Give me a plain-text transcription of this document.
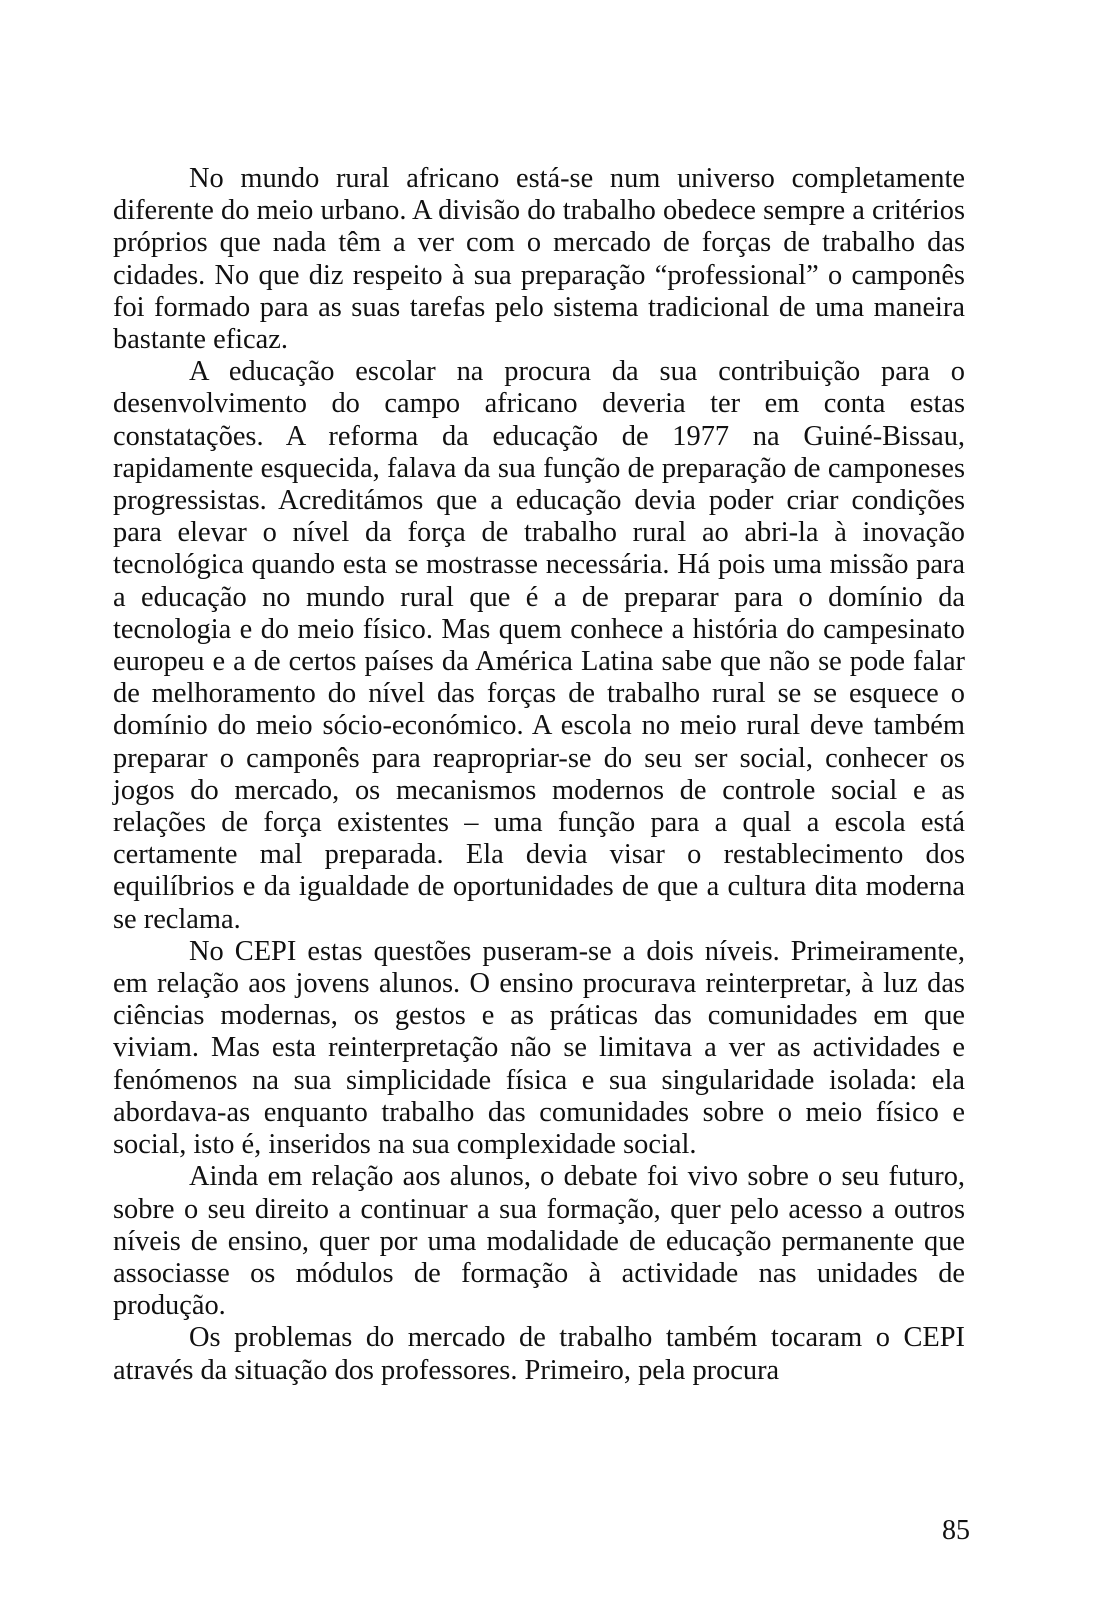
No mundo rural africano está-se num universo completamente diferente do meio urbano. A divisão do trabalho obedece sempre a critérios próprios que nada têm a ver com o mercado de forças de trabalho das cidades. No que diz respeito à sua preparação “professional” o camponês foi formado para as suas tarefas pelo sistema tradicional de uma maneira bastante eficaz.

A educação escolar na procura da sua contribuição para o desenvolvimento do campo africano deveria ter em conta estas constatações. A reforma da educação de 1977 na Guiné-Bissau, rapidamente esquecida, falava da sua função de preparação de camponeses progressistas. Acreditámos que a educação devia poder criar condições para elevar o nível da força de trabalho rural ao abri-la à inovação tecnológica quando esta se mostrasse necessária. Há pois uma missão para a educação no mundo rural que é a de preparar para o domínio da tecnologia e do meio físico. Mas quem conhece a história do campesinato europeu e a de certos países da América Latina sabe que não se pode falar de melhoramento do nível das forças de trabalho rural se se esquece o domínio do meio sócio-económico. A escola no meio rural deve também preparar o camponês para reapropriar-se do seu ser social, conhecer os jogos do mercado, os mecanismos modernos de controle social e as relações de força existentes – uma função para a qual a escola está certamente mal preparada. Ela devia visar o restablecimento dos equilíbrios e da igualdade de oportunidades de que a cultura dita moderna se reclama.

No CEPI estas questões puseram-se a dois níveis. Primeiramente, em relação aos jovens alunos. O ensino procurava reinterpretar, à luz das ciências modernas, os gestos e as práticas das comunidades em que viviam. Mas esta reinterpretação não se limitava a ver as actividades e fenómenos na sua simplicidade física e sua singularidade isolada: ela abordava-as enquanto trabalho das comunidades sobre o meio físico e social, isto é, inseridos na sua complexidade social.

Ainda em relação aos alunos, o debate foi vivo sobre o seu futuro, sobre o seu direito a continuar a sua formação, quer pelo acesso a outros níveis de ensino, quer por uma modalidade de educação permanente que associasse os módulos de formação à actividade nas unidades de produção.

Os problemas do mercado de trabalho também tocaram o CEPI através da situação dos professores. Primeiro, pela procura

85
